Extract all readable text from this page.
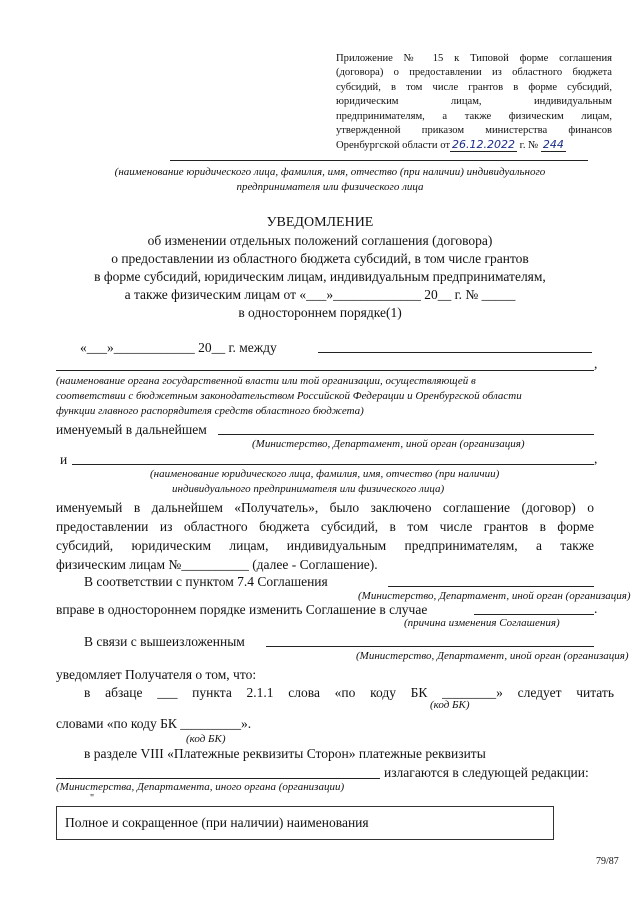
Приложение № 15 к Типовой форме соглашения
(договора) о предоставлении из областного бюджета
субсидий, в том числе грантов в форме субсидий,
юридическим лицам, индивидуальным
предпринимателям, а также физическим лицам,
утвержденной приказом министерства финансов
Оренбургской области от 26.12.2022 г. № 244
(наименование юридического лица, фамилия, имя, отчество (при наличии) индивидуального
предпринимателя или физического лица
УВЕДОМЛЕНИЕ
об изменении отдельных положений соглашения (договора)
о предоставлении из областного бюджета субсидий, в том числе грантов
в форме субсидий, юридическим лицам, индивидуальным предпринимателям,
а также физическим лицам от «___»_____________ 20__ г. № _____
в одностороннем порядке(1)
«___»____________ 20__ г. между
,
(наименование органа государственной власти или той организации, осуществляющей в
соответствии с бюджетным законодательством Российской Федерации и Оренбургской области
функции главного распорядителя средств областного бюджета)
именуемый в дальнейшем
(Министерство, Департамент, иной орган (организация)
и	,
(наименование юридического лица, фамилия, имя, отчество (при наличии)
индивидуального предпринимателя или физического лица)
именуемый в дальнейшем «Получатель», было заключено соглашение (договор) о
предоставлении из областного бюджета субсидий, в том числе грантов в форме
субсидий, юридическим лицам, индивидуальным предпринимателям, а также
физическим лицам №__________ (далее - Соглашение).
В соответствии с пунктом 7.4 Соглашения
(Министерство, Департамент, иной орган (организация)
вправе в одностороннем порядке изменить Соглашение в случае	.
(причина изменения Соглашения)
В связи с вышеизложенным
(Министерство, Департамент, иной орган (организация)
уведомляет Получателя о том, что:
в абзаце ___ пункта 2.1.1 слова «по коду БК ________» следует читать
(код БК)
словами «по коду БК _________».
(код БК)
в разделе VIII «Платежные реквизиты Сторон» платежные реквизиты
излагаются в следующей редакции:
(Министерства, Департамента, иного органа (организации)
"
Полное и сокращенное (при наличии) наименования
79/87
